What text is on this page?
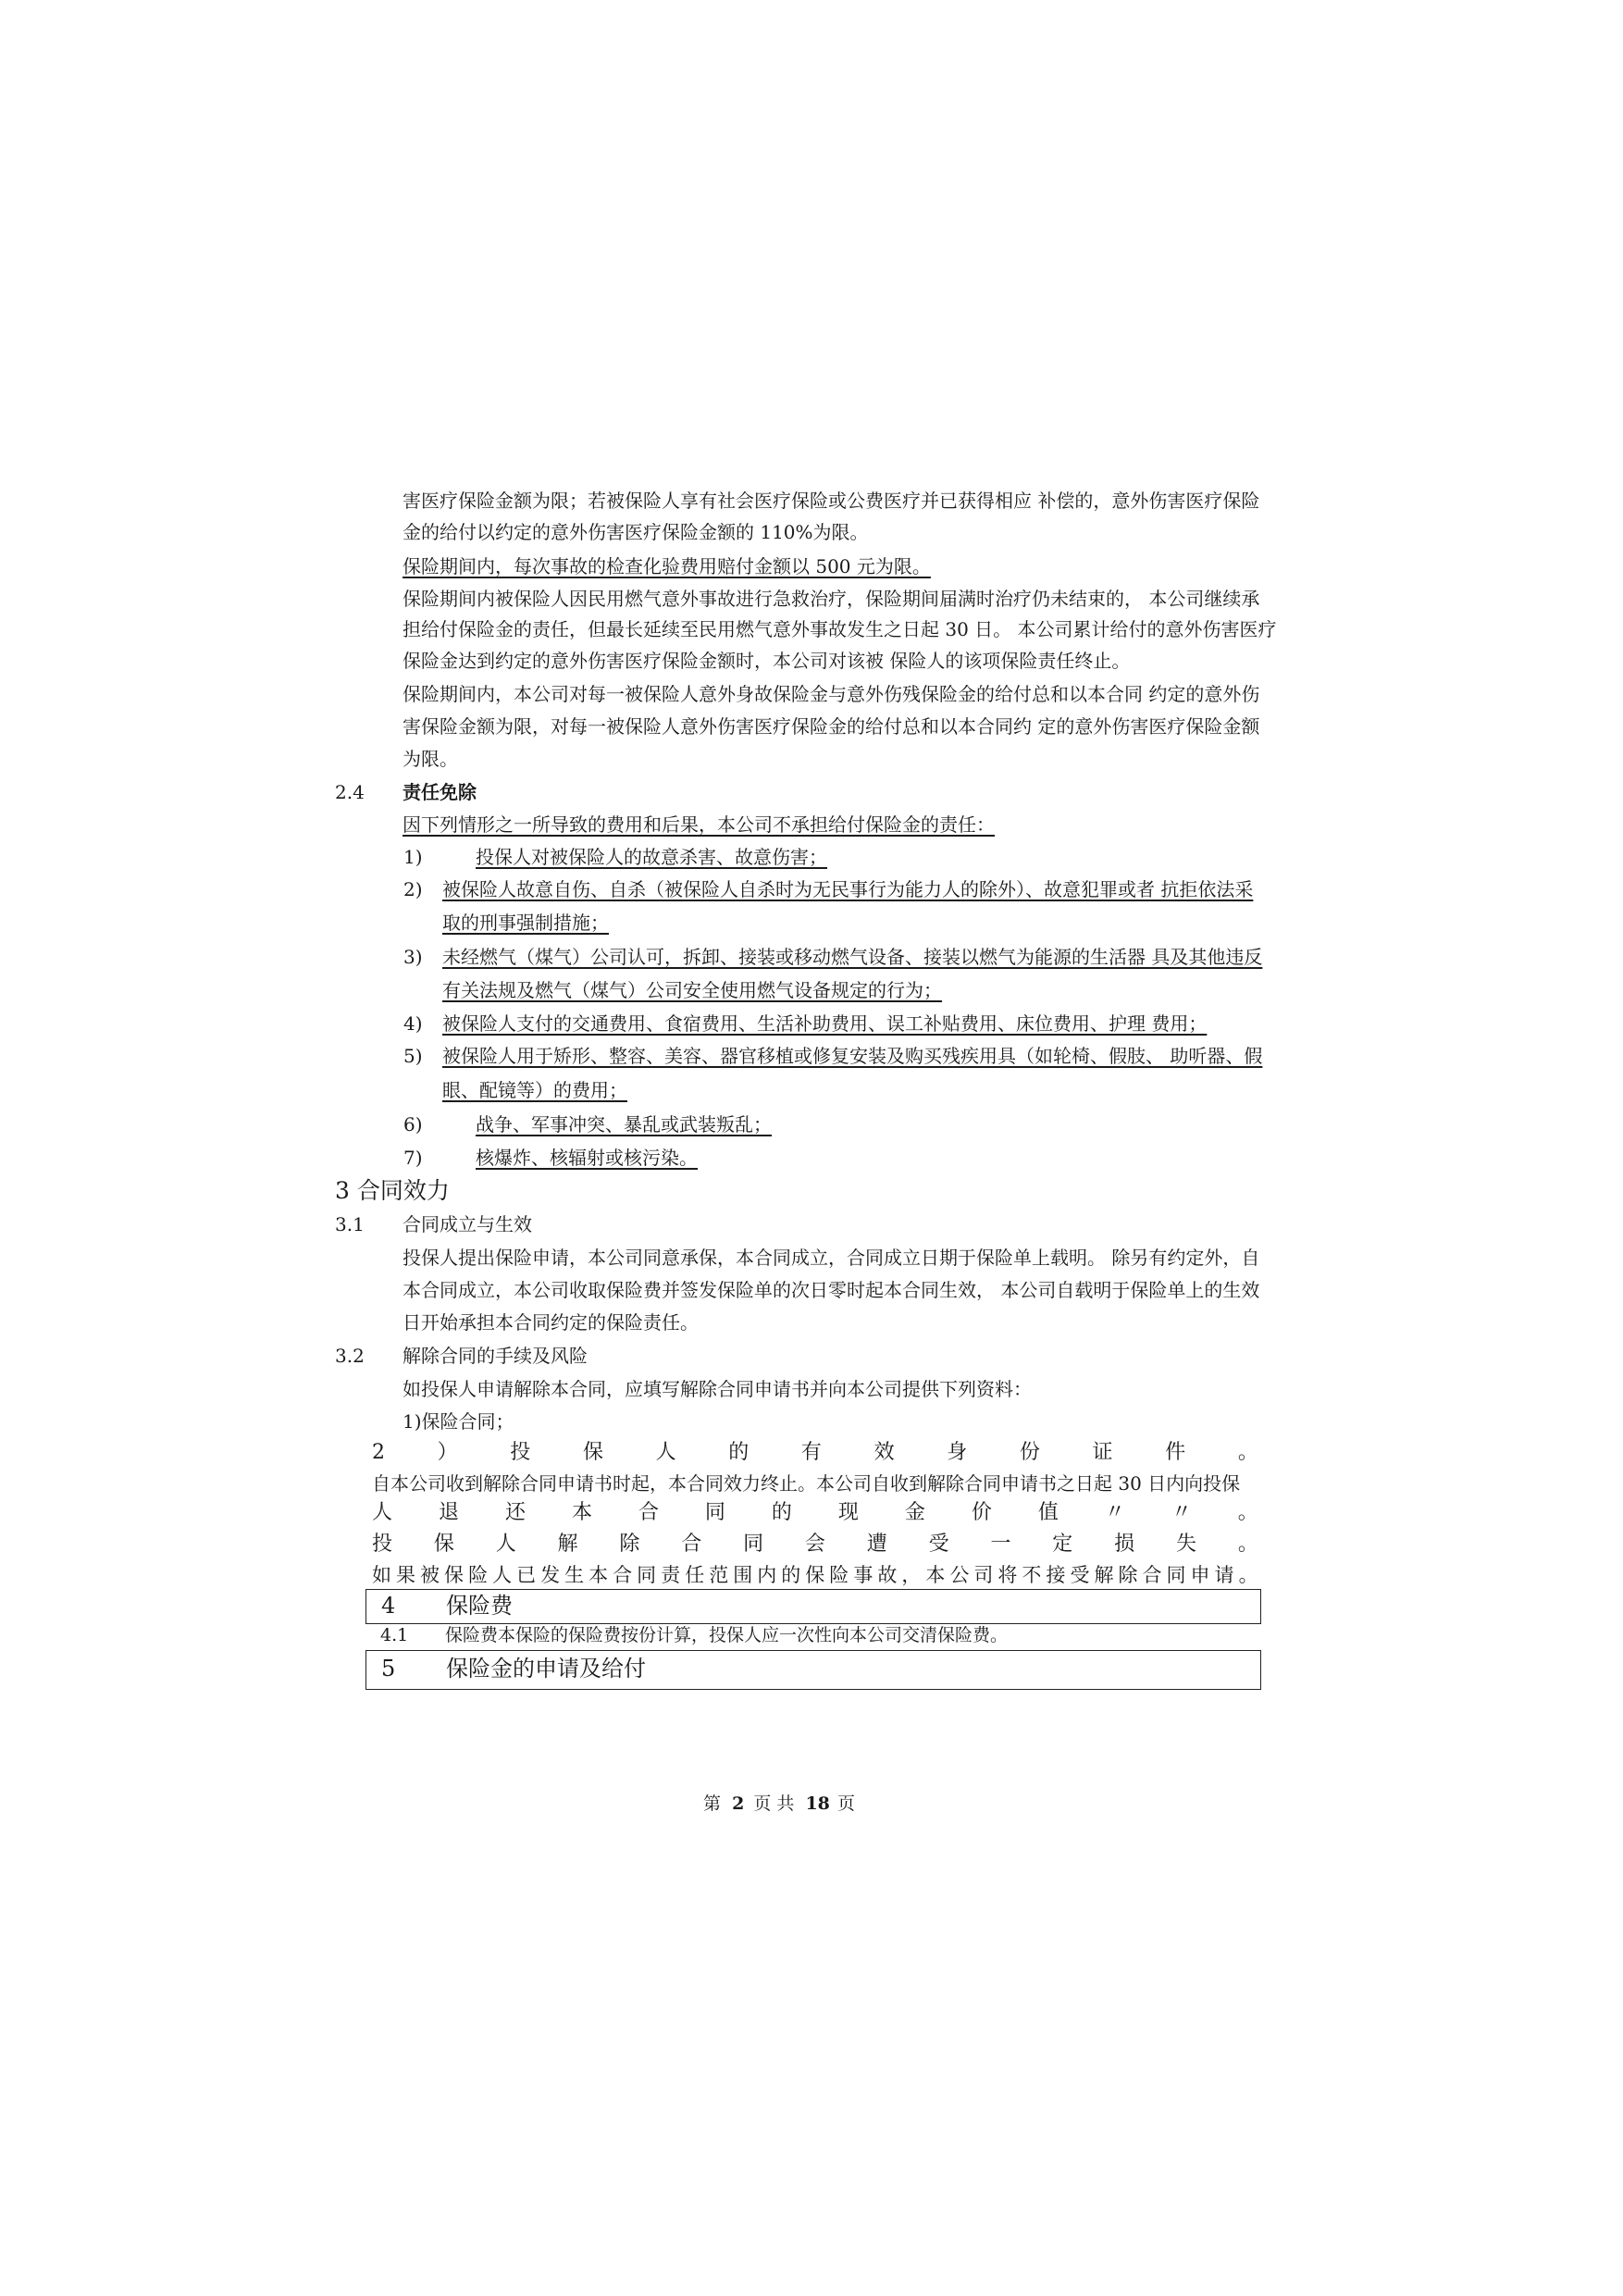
害医疗保险金额为限；若被保险人享有社会医疗保险或公费医疗并已获得相应 补偿的，意外伤害医疗保险
金的给付以约定的意外伤害医疗保险金额的 110%为限。
保险期间内，每次事故的检查化验费用赔付金额以 500 元为限。
保险期间内被保险人因民用燃气意外事故进行急救治疗，保险期间届满时治疗仍未结束的， 本公司继续承
担给付保险金的责任，但最长延续至民用燃气意外事故发生之日起 30 日。 本公司累计给付的意外伤害医疗
保险金达到约定的意外伤害医疗保险金额时，本公司对该被 保险人的该项保险责任终止。
保险期间内，本公司对每一被保险人意外身故保险金与意外伤残保险金的给付总和以本合同 约定的意外伤
害保险金额为限，对每一被保险人意外伤害医疗保险金的给付总和以本合同约 定的意外伤害医疗保险金额
为限。
2.4 责任免除
因下列情形之一所导致的费用和后果，本公司不承担给付保险金的责任：
1)	投保人对被保险人的故意杀害、故意伤害；
2) 被保险人故意自伤、自杀（被保险人自杀时为无民事行为能力人的除外）、故意犯罪或者 抗拒依法采
取的刑事强制措施；
3) 未经燃气（煤气）公司认可，拆卸、接装或移动燃气设备、接装以燃气为能源的生活器 具及其他违反
有关法规及燃气（煤气）公司安全使用燃气设备规定的行为；
4) 被保险人支付的交通费用、食宿费用、生活补助费用、误工补贴费用、床位费用、护理 费用；
5) 被保险人用于矫形、整容、美容、器官移植或修复安装及购买残疾用具（如轮椅、假肢、 助听器、假
眼、配镜等）的费用；
6)	战争、军事冲突、暴乱或武装叛乱；
7)	核爆炸、核辐射或核污染。
3 合同效力
3.1 合同成立与生效
投保人提出保险申请，本公司同意承保，本合同成立，合同成立日期于保险单上载明。 除另有约定外，自
本合同成立，本公司收取保险费并签发保险单的次日零时起本合同生效， 本公司自载明于保险单上的生效
日开始承担本合同约定的保险责任。
3.2 解除合同的手续及风险
如投保人申请解除本合同，应填写解除合同申请书并向本公司提供下列资料：
1)保险合同；
2	）	投	保	人	的	有	效	身	份	证	件	。
自本公司收到解除合同申请书时起，本合同效力终止。本公司自收到解除合同申请书之日起 30 日内向投保
人 退 还 本 合 同 的 现 金 价 值 〃 〃 。
投 保 人 解 除 合 同 会 遭 受 一 定 损 失 。
如 果 被 保 险 人 已 发 生 本 合 同 责 任 范 围 内 的 保 险 事 故 ， 本 公 司 将 不 接 受 解 除 合 同 申 请 。
4 保险费
4.1 保险费本保险的保险费按份计算，投保人应一次性向本公司交清保险费。
5 保险金的申请及给付
第 2 页 共 18 页
